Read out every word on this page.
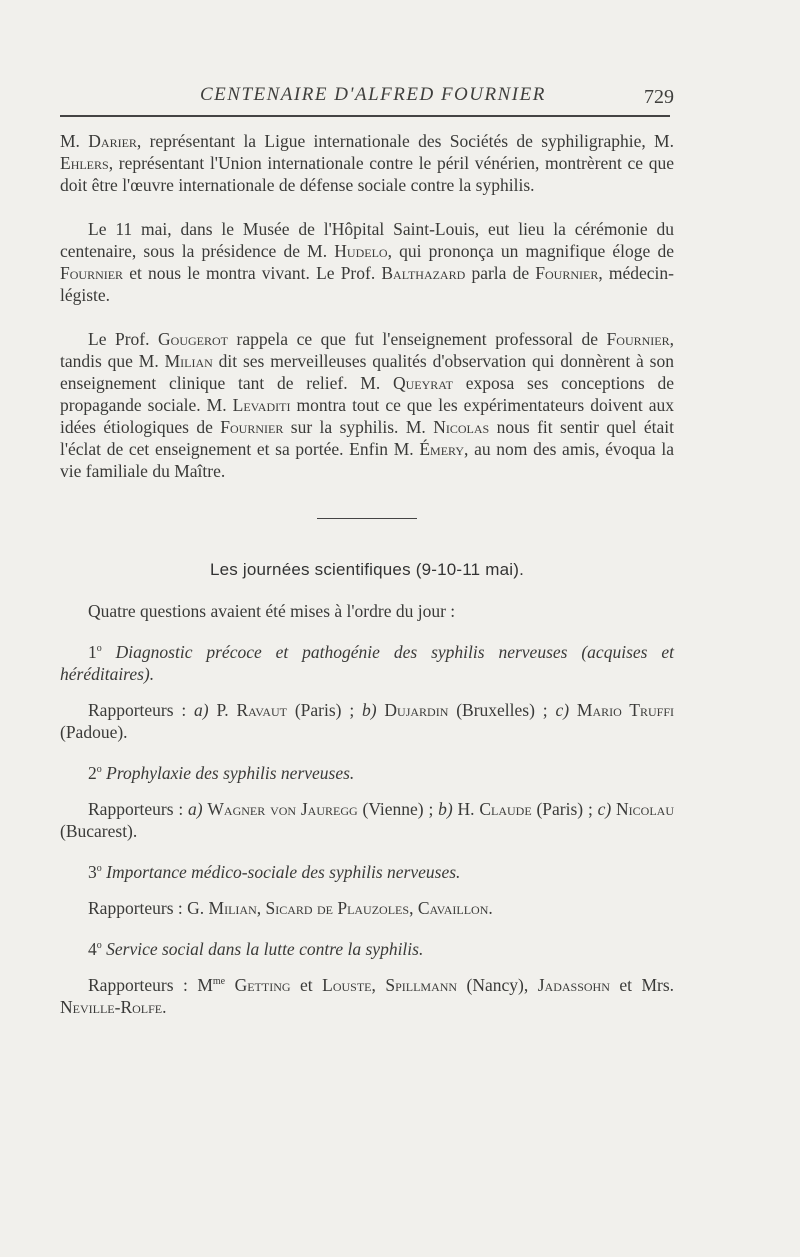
CENTENAIRE D'ALFRED FOURNIER	729

M. Darier, représentant la Ligue internationale des Sociétés de syphiligraphie, M. Ehlers, représentant l'Union internationale contre le péril vénérien, montrèrent ce que doit être l'œuvre internationale de défense sociale contre la syphilis.

Le 11 mai, dans le Musée de l'Hôpital Saint-Louis, eut lieu la cérémonie du centenaire, sous la présidence de M. Hudelo, qui prononça un magnifique éloge de Fournier et nous le montra vivant. Le Prof. Balthazard parla de Fournier, médecin-légiste.

Le Prof. Gougerot rappela ce que fut l'enseignement professoral de Fournier, tandis que M. Milian dit ses merveilleuses qualités d'observation qui donnèrent à son enseignement clinique tant de relief. M. Queyrat exposa ses conceptions de propagande sociale. M. Levaditi montra tout ce que les expérimentateurs doivent aux idées étiologiques de Fournier sur la syphilis. M. Nicolas nous fit sentir quel était l'éclat de cet enseignement et sa portée. Enfin M. Émery, au nom des amis, évoqua la vie familiale du Maître.

Les journées scientifiques (9-10-11 mai).

Quatre questions avaient été mises à l'ordre du jour :

1$^o$ Diagnostic précoce et pathogénie des syphilis nerveuses (acquises et héréditaires).

Rapporteurs : a) P. Ravaut (Paris) ; b) Dujardin (Bruxelles) ; c) Mario Truffi (Padoue).

2$^o$ Prophylaxie des syphilis nerveuses.

Rapporteurs : a) Wagner von Jauregg (Vienne) ; b) H. Claude (Paris) ; c) Nicolau (Bucarest).

3$^o$ Importance médico-sociale des syphilis nerveuses.

Rapporteurs : G. Milian, Sicard de Plauzoles, Cavaillon.

4$^o$ Service social dans la lutte contre la syphilis.

Rapporteurs : $M^{me}$ Getting et Louste, Spillmann (Nancy), Jadassohn et Mrs. Neville-Rolfe.
